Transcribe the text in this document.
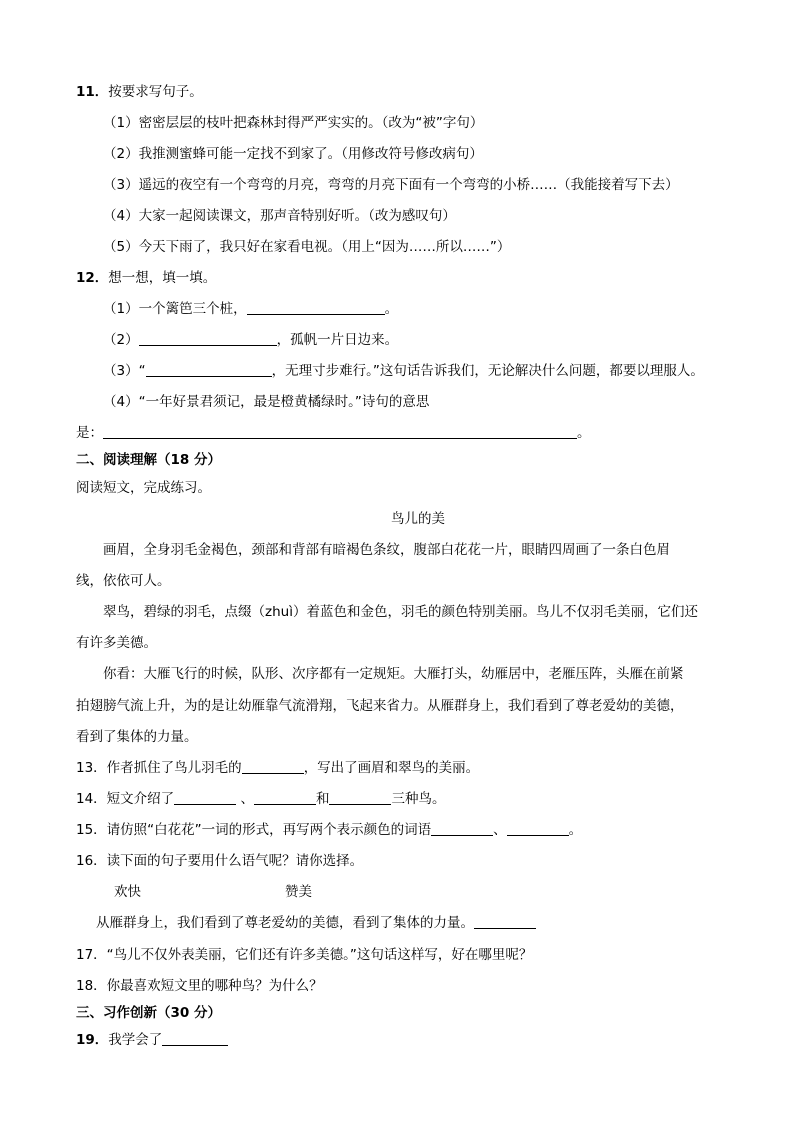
11．按要求写句子。
（1）密密层层的枝叶把森林封得严严实实的。（改为“被”字句）
（2）我推测蜜蜂可能一定找不到家了。（用修改符号修改病句）
（3）遥远的夜空有一个弯弯的月亮，弯弯的月亮下面有一个弯弯的小桥……（我能接着写下去）
（4）大家一起阅读课文，那声音特别好听。（改为感叹句）
（5）今天下雨了，我只好在家看电视。（用上“因为……所以……”）
12．想一想，填一填。
（1）一个篱笆三个桩，	。
（2）	，孤帆一片日边来。
（3）“	，无理寸步难行。”这句话告诉我们，无论解决什么问题，都要以理服人。
（4）“一年好景君须记，最是橙黄橘绿时。”诗句的意思
是：	。
二、阅读理解（18 分）
阅读短文，完成练习。
鸟儿的美
画眉，全身羽毛金褐色，颈部和背部有暗褐色条纹，腹部白花花一片，眼睛四周画了一条白色眉
线，依依可人。
翠鸟，碧绿的羽毛，点缀（zhuì）着蓝色和金色，羽毛的颜色特别美丽。鸟儿不仅羽毛美丽，它们还
有许多美德。
你看：大雁飞行的时候，队形、次序都有一定规矩。大雁打头，幼雁居中，老雁压阵，头雁在前紧
拍翅膀气流上升，为的是让幼雁靠气流滑翔，飞起来省力。从雁群身上，我们看到了尊老爱幼的美德，
看到了集体的力量。
13．作者抓住了鸟儿羽毛的	，写出了画眉和翠鸟的美丽。
14．短文介绍了	、	和	三种鸟。
15．请仿照“白花花”一词的形式，再写两个表示颜色的词语	、	。
16．读下面的句子要用什么语气呢？请你选择。
欢快	赞美
从雁群身上，我们看到了尊老爱幼的美德，看到了集体的力量。
17．“鸟儿不仅外表美丽，它们还有许多美德。”这句话这样写，好在哪里呢？
18．你最喜欢短文里的哪种鸟？为什么？
三、习作创新（30 分）
19．我学会了
